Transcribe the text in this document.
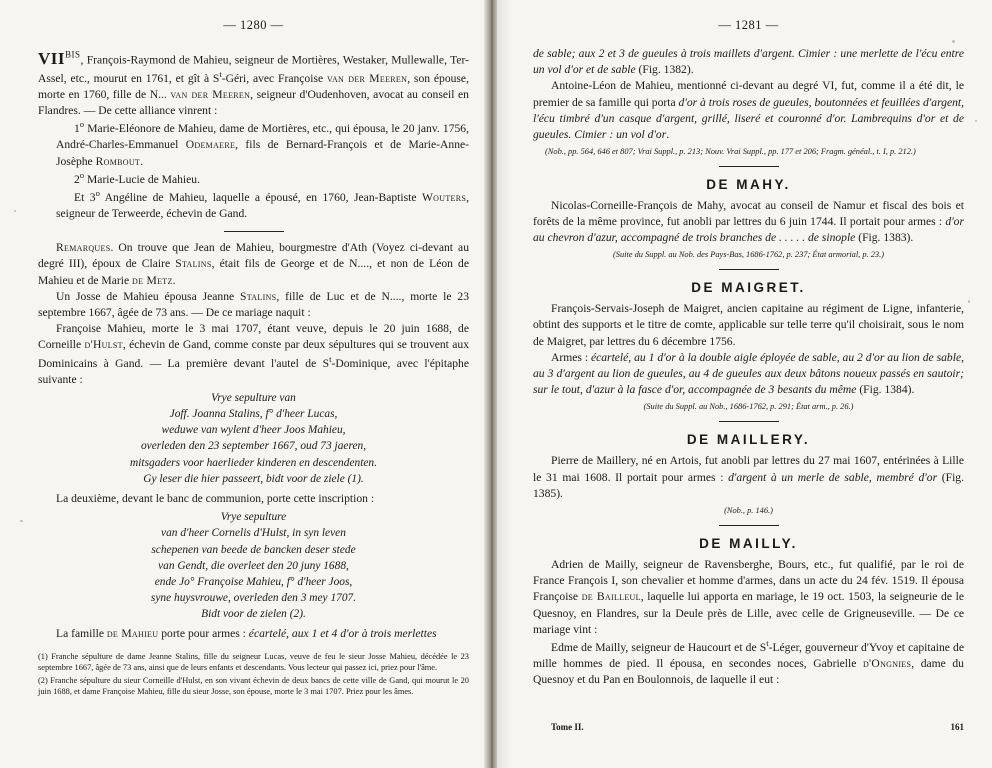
— 1280 —

$VII^{BIS}$, François-Raymond de Mahieu, seigneur de Mortières, Westaker, Mullewalle, Ter-Assel, etc., mourut en 1761, et gît à $S^t$-Géri, avec Françoise van der Meeren, son épouse, morte en 1760, fille de N... van der Meeren, seigneur d'Oudenhoven, avocat au conseil en Flandres. — De cette alliance vinrent :

1$^o$ Marie-Eléonore de Mahieu, dame de Mortières, etc., qui épousa, le 20 janv. 1756, André-Charles-Emmanuel Odemaere, fils de Bernard-François et de Marie-Anne-Josèphe Rombout.

2$^o$ Marie-Lucie de Mahieu.

Et 3$^o$ Angéline de Mahieu, laquelle a épousé, en 1760, Jean-Baptiste Wouters, seigneur de Terweerde, échevin de Gand.

Remarques. On trouve que Jean de Mahieu, bourgmestre d'Ath (Voyez ci-devant au degré III), époux de Claire Stalins, était fils de George et de N...., et non de Léon de Mahieu et de Marie de Metz.

Un Josse de Mahieu épousa Jeanne Stalins, fille de Luc et de N...., morte le 23 septembre 1667, âgée de 73 ans. — De ce mariage naquit :

Françoise Mahieu, morte le 3 mai 1707, étant veuve, depuis le 20 juin 1688, de Corneille d'Hulst, échevin de Gand, comme conste par deux sépultures qui se trouvent aux Dominicains à Gand. — La première devant l'autel de $S^t$-Dominique, avec l'épitaphe suivante :

Vrye sepulture van
Joff. Joanna Stalins, f° d'heer Lucas,
weduwe van wylent d'heer Joos Mahieu,
overleden den 23 september 1667, oud 73 jaeren,
mitsgaders voor haerlieder kinderen en descendenten.
Gy leser die hier passeert, bidt voor de ziele (1).

La deuxième, devant le banc de communion, porte cette inscription :

Vrye sepulture
van d'heer Cornelis d'Hulst, in syn leven
schepenen van beede de bancken deser stede
van Gendt, die overleet den 20 juny 1688,
ende Jo° Françoise Mahieu, f° d'heer Joos,
syne huysvrouwe, overleden den 3 mey 1707.
Bidt voor de zielen (2).

La famille de Mahieu porte pour armes : écartelé, aux 1 et 4 d'or à trois merlettes

(1) Franche sépulture de dame Jeanne Stalins, fille du seigneur Lucas, veuve de feu le sieur Josse Mahieu, décédée le 23 septembre 1667, âgée de 73 ans, ainsi que de leurs enfants et descendants. Vous lecteur qui passez ici, priez pour l'âme.

(2) Franche sépulture du sieur Corneille d'Hulst, en son vivant échevin de deux bancs de cette ville de Gand, qui mourut le 20 juin 1688, et dame Françoise Mahieu, fille du sieur Josse, son épouse, morte le 3 mai 1707. Priez pour les âmes.

— 1281 —

de sable; aux 2 et 3 de gueules à trois maillets d'argent. Cimier : une merlette de l'écu entre un vol d'or et de sable (Fig. 1382).

Antoine-Léon de Mahieu, mentionné ci-devant au degré VI, fut, comme il a été dit, le premier de sa famille qui porta d'or à trois roses de gueules, boutonnées et feuillées d'argent, l'écu timbré d'un casque d'argent, grillé, liseré et couronné d'or. Lambrequins d'or et de gueules. Cimier : un vol d'or.

(Nob., pp. 564, 646 et 807; Vrai Suppl., p. 213; Nouv. Vrai Suppl., pp. 177 et 206; Fragm. généal., t. I, p. 212.)

DE MAHY.

Nicolas-Corneille-François de Mahy, avocat au conseil de Namur et fiscal des bois et forêts de la même province, fut anobli par lettres du 6 juin 1744. Il portait pour armes : d'or au chevron d'azur, accompagné de trois branches de . . . . . de sinople (Fig. 1383).

(Suite du Suppl. au Nob. des Pays-Bas, 1686-1762, p. 237; État armorial, p. 23.)

DE MAIGRET.

François-Servais-Joseph de Maigret, ancien capitaine au régiment de Ligne, infanterie, obtint des supports et le titre de comte, applicable sur telle terre qu'il choisirait, sous le nom de Maigret, par lettres du 6 décembre 1756.

Armes : écartelé, au 1 d'or à la double aigle éployée de sable, au 2 d'or au lion de sable, au 3 d'argent au lion de gueules, au 4 de gueules aux deux bâtons noueux passés en sautoir; sur le tout, d'azur à la fasce d'or, accompagnée de 3 besants du même (Fig. 1384).

(Suite du Suppl. au Nob., 1686-1762, p. 291; État arm., p. 26.)

DE MAILLERY.

Pierre de Maillery, né en Artois, fut anobli par lettres du 27 mai 1607, entérinées à Lille le 31 mai 1608. Il portait pour armes : d'argent à un merle de sable, membré d'or (Fig. 1385).

(Nob., p. 146.)

DE MAILLY.

Adrien de Mailly, seigneur de Ravensberghe, Bours, etc., fut qualifié, par le roi de France François I, son chevalier et homme d'armes, dans un acte du 24 fév. 1519. Il épousa Françoise de Bailleul, laquelle lui apporta en mariage, le 19 oct. 1503, la seigneurie de le Quesnoy, en Flandres, sur la Deule près de Lille, avec celle de Grigneuseville. — De ce mariage vint :

Edme de Mailly, seigneur de Haucourt et de $S^t$-Léger, gouverneur d'Yvoy et capitaine de mille hommes de pied. Il épousa, en secondes noces, Gabrielle d'Ongnies, dame du Quesnoy et du Pan en Boulonnois, de laquelle il eut :

Tome II.	161
